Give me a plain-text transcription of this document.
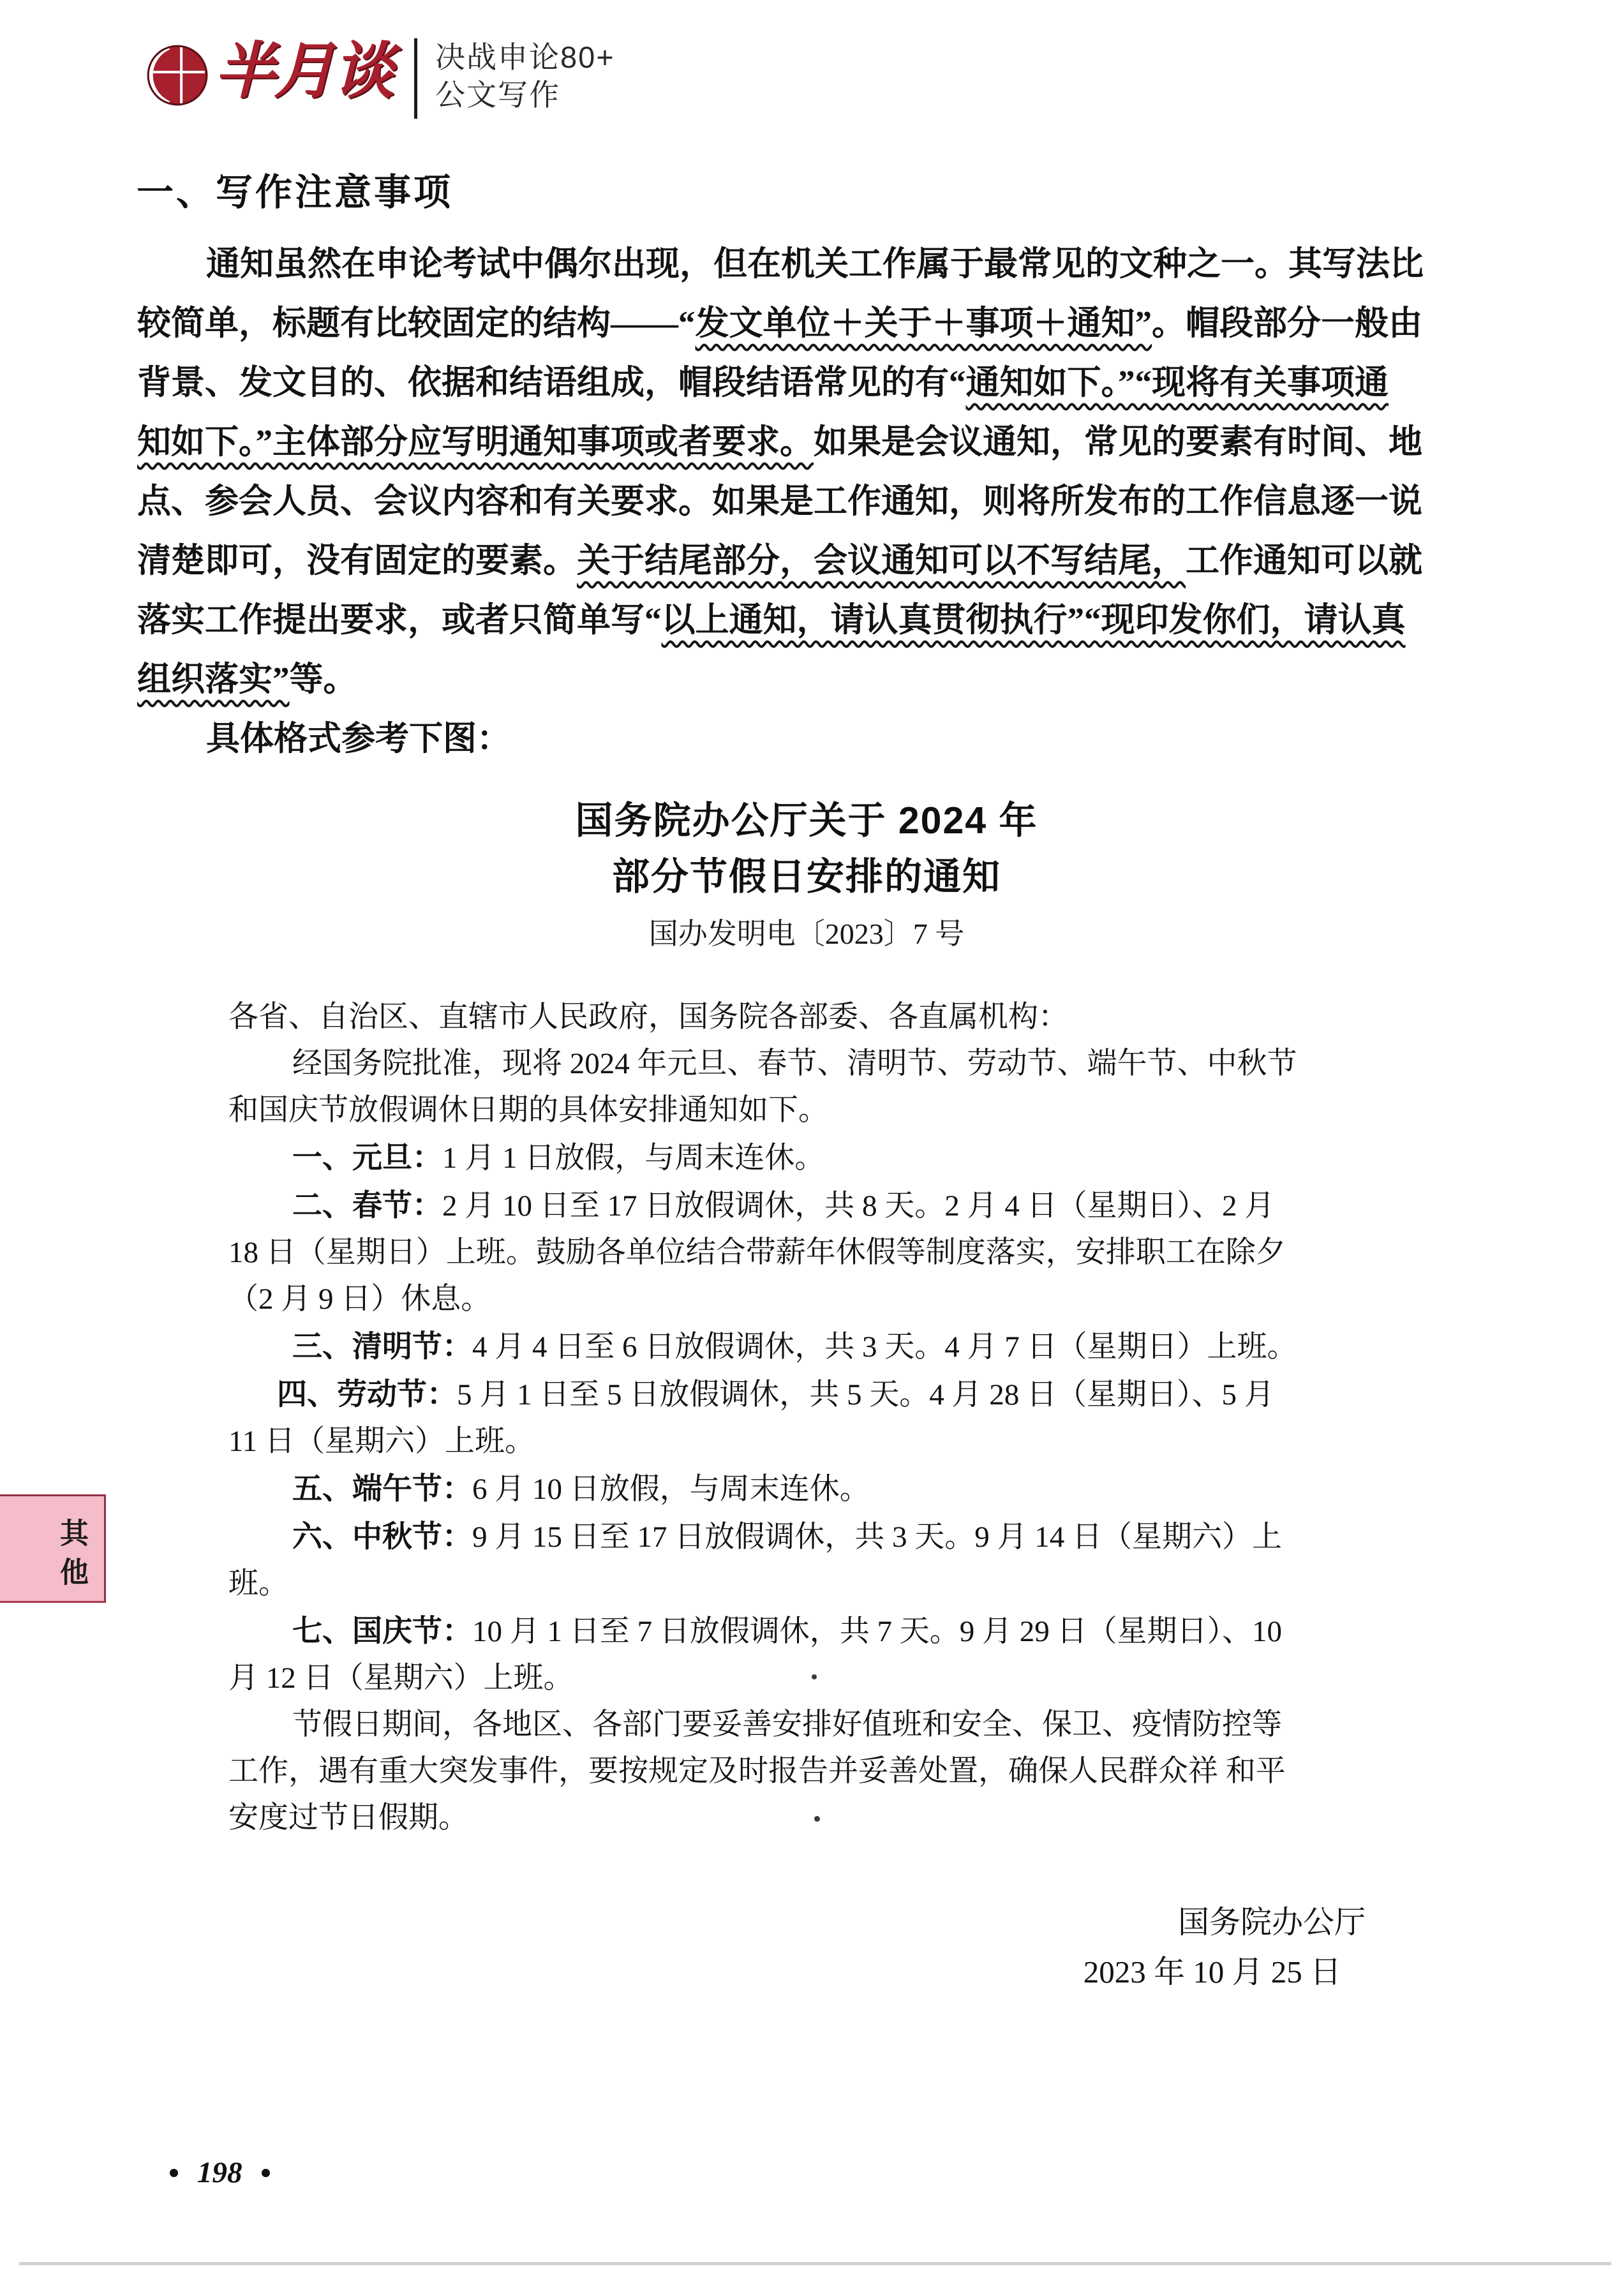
半月谈 决战申论80+
公文写作
一、写作注意事项
通知虽然在申论考试中偶尔出现，但在机关工作属于最常见的文种之一。其写法比
较简单，标题有比较固定的结构——“发文单位＋关于＋事项＋通知”。帽段部分一般由
背景、发文目的、依据和结语组成，帽段结语常见的有“通知如下。”“现将有关事项通
知如下。”主体部分应写明通知事项或者要求。如果是会议通知，常见的要素有时间、地
点、参会人员、会议内容和有关要求。如果是工作通知，则将所发布的工作信息逐一说
清楚即可，没有固定的要素。关于结尾部分，会议通知可以不写结尾，工作通知可以就
落实工作提出要求，或者只简单写“以上通知，请认真贯彻执行”“现印发你们，请认真
组织落实”等。
具体格式参考下图：
国务院办公厅关于 2024 年
部分节假日安排的通知
国办发明电〔2023〕7 号
各省、自治区、直辖市人民政府，国务院各部委、各直属机构：
经国务院批准，现将 2024 年元旦、春节、清明节、劳动节、端午节、中秋节
和国庆节放假调休日期的具体安排通知如下。
一、元旦：1 月 1 日放假，与周末连休。
二、春节：2 月 10 日至 17 日放假调休，共 8 天。2 月 4 日（星期日）、2 月
18 日（星期日）上班。鼓励各单位结合带薪年休假等制度落实，安排职工在除夕
（2 月 9 日）休息。
三、清明节：4 月 4 日至 6 日放假调休，共 3 天。4 月 7 日（星期日）上班。
四、劳动节：5 月 1 日至 5 日放假调休，共 5 天。4 月 28 日（星期日）、5 月
11 日（星期六）上班。
五、端午节：6 月 10 日放假，与周末连休。
六、中秋节：9 月 15 日至 17 日放假调休，共 3 天。9 月 14 日（星期六）上
班。
七、国庆节：10 月 1 日至 7 日放假调休，共 7 天。9 月 29 日（星期日）、10
月 12 日（星期六）上班。
节假日期间，各地区、各部门要妥善安排好值班和安全、保卫、疫情防控等
工作，遇有重大突发事件，要按规定及时报告并妥善处置，确保人民群众祥 和平
安度过节日假期。
国务院办公厅
2023 年 10 月 25 日
其他
198
